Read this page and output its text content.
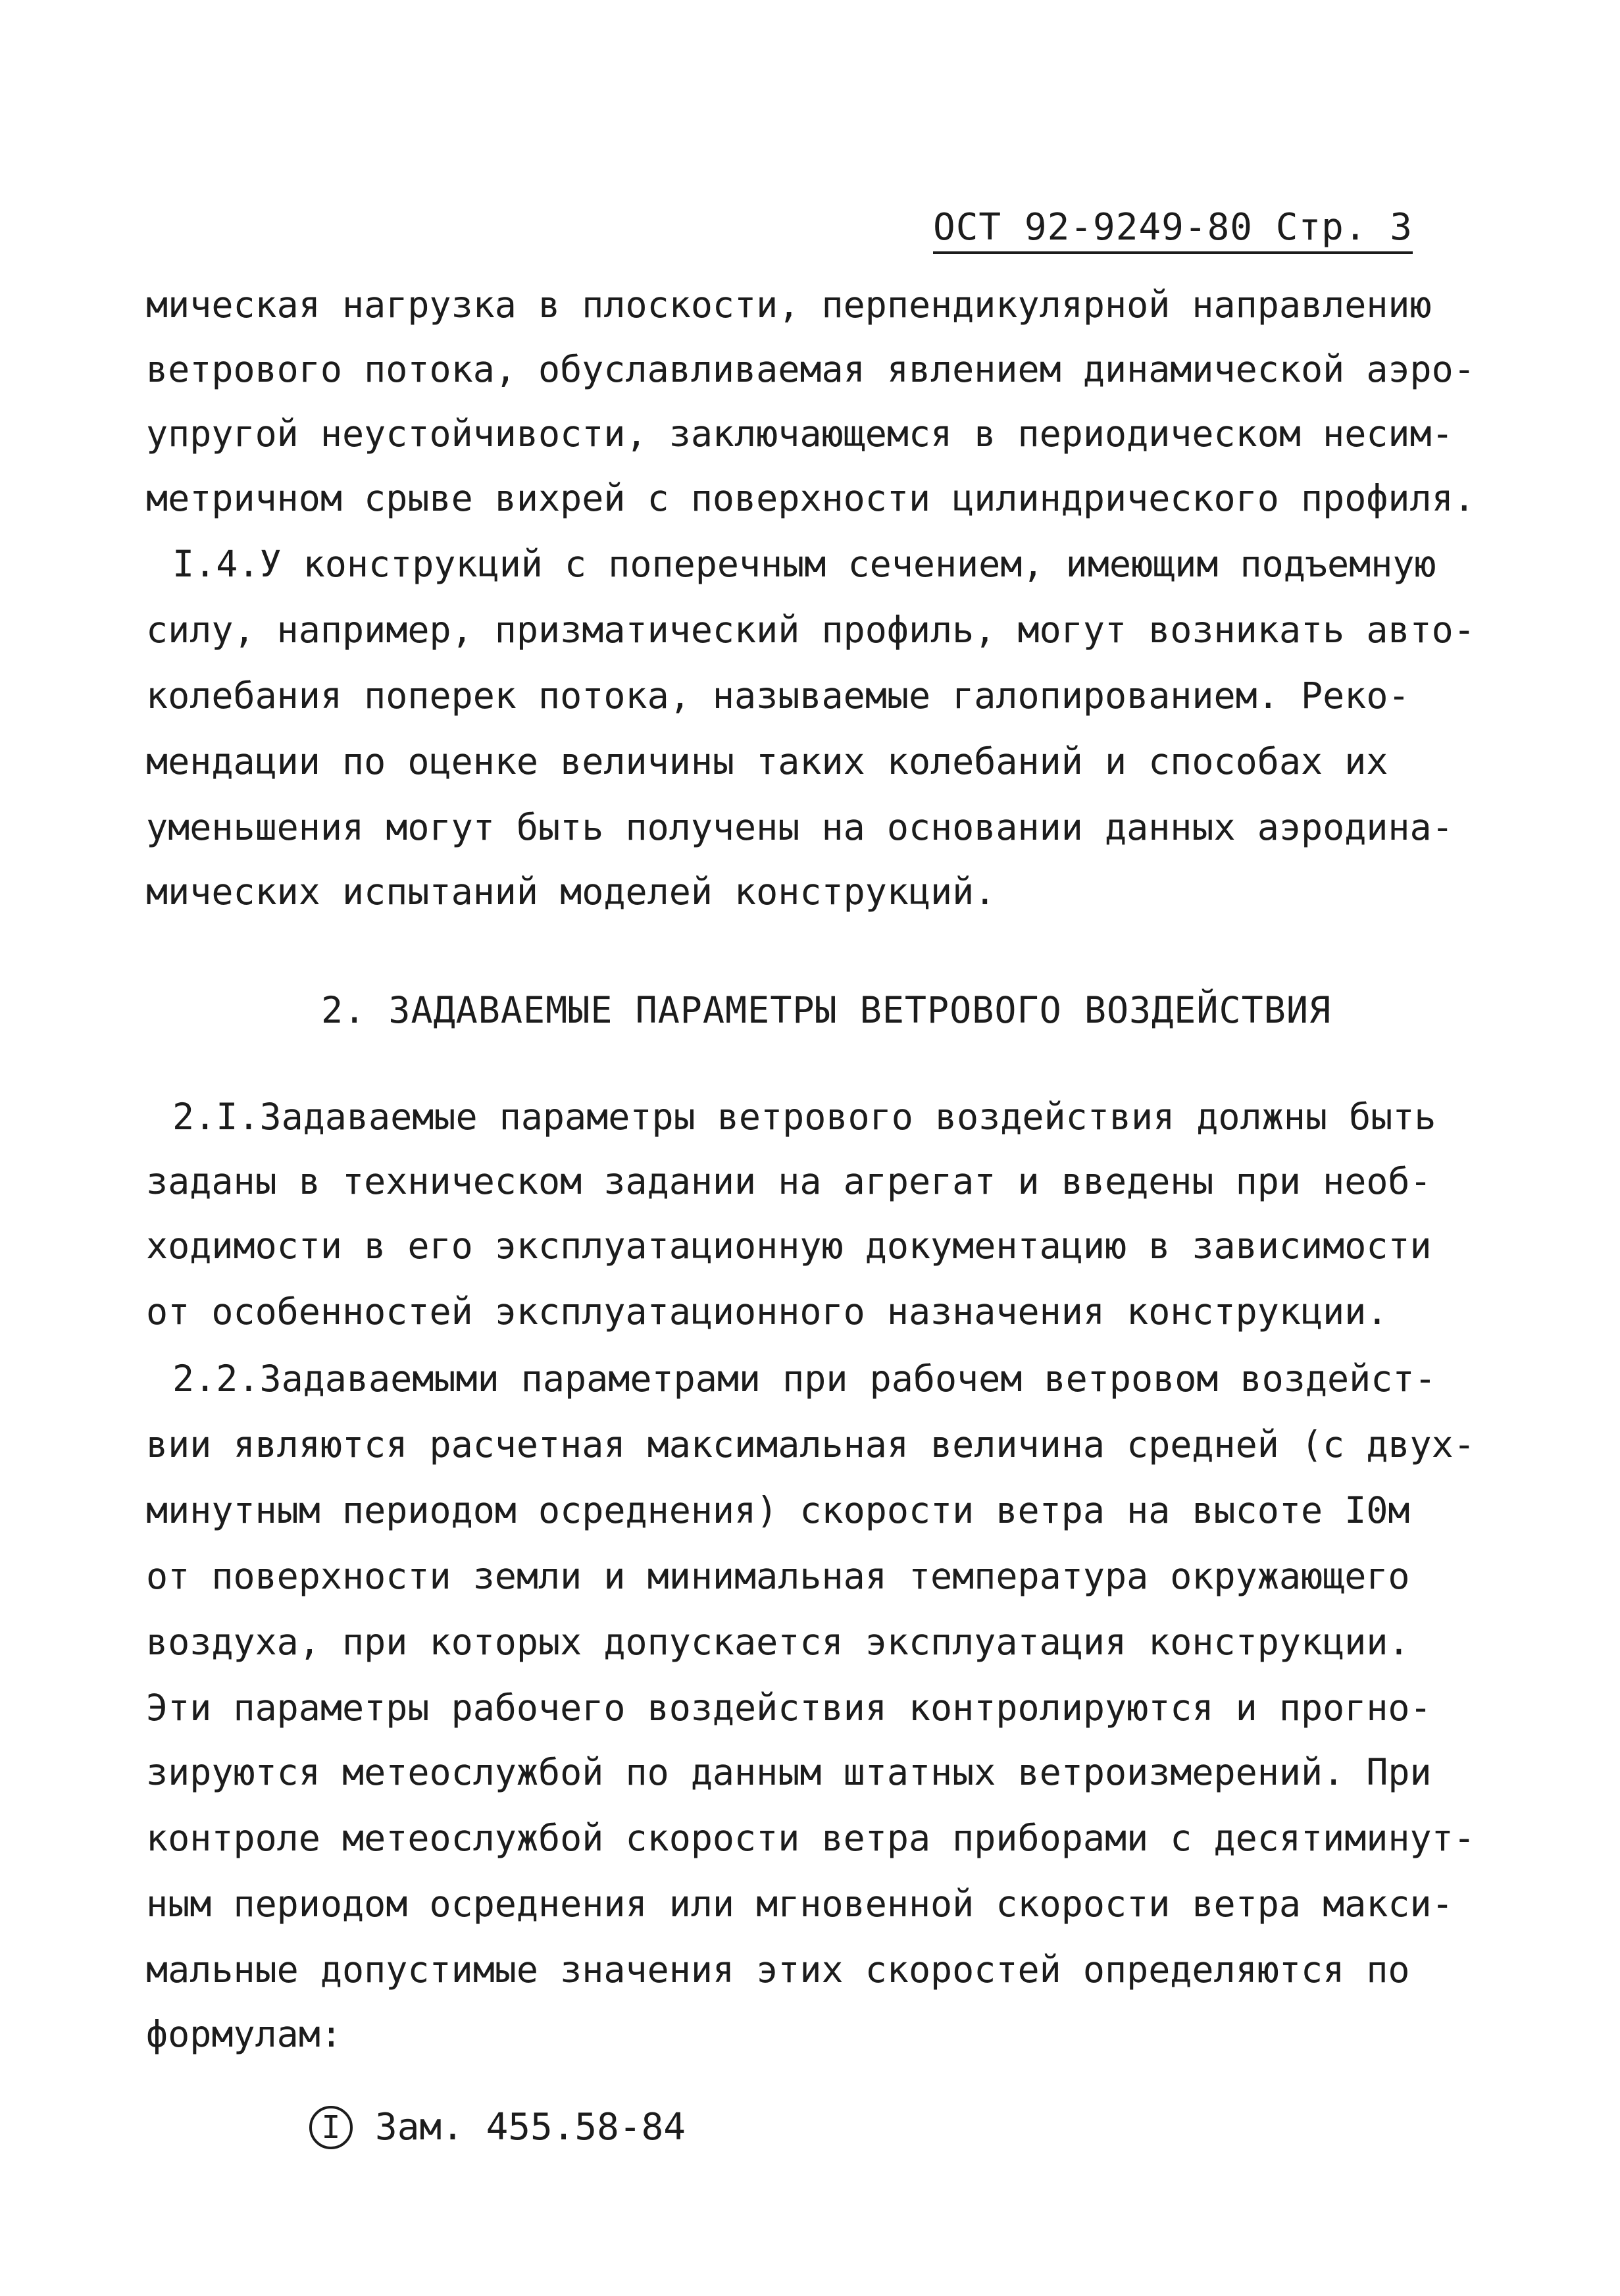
ОСТ 92-9249-80 Стр. 3
мическая нагрузка в плоскости, перпендикулярной направлению
ветрового потока, обуславливаемая явлением динамической аэро-
упругой неустойчивости, заключающемся в периодическом несим-
метричном срыве вихрей с поверхности цилиндрического профиля.
I.4.У конструкций с поперечным сечением, имеющим подъемную
силу, например, призматический профиль, могут возникать авто-
колебания поперек потока, называемые галопированием. Реко-
мендации по оценке величины таких колебаний и способах их
уменьшения могут быть получены на основании данных аэродина-
мических испытаний моделей конструкций.
2. ЗАДАВАЕМЫЕ ПАРАМЕТРЫ ВЕТРОВОГО ВОЗДЕЙСТВИЯ
2.I.Задаваемые параметры ветрового воздействия должны быть
заданы в техническом задании на агрегат и введены при необ-
ходимости в его эксплуатационную документацию в зависимости
от особенностей эксплуатационного назначения конструкции.
2.2.Задаваемыми параметрами при рабочем ветровом воздейст-
вии являются расчетная максимальная величина средней (с двух-
минутным периодом осреднения) скорости ветра на высоте I0м
от поверхности земли и минимальная температура окружающего
воздуха, при которых допускается эксплуатация конструкции.
Эти параметры рабочего воздействия контролируются и прогно-
зируются метеослужбой по данным штатных ветроизмерений. При
контроле метеослужбой скорости ветра приборами с десятиминут-
ным периодом осреднения или мгновенной скорости ветра макси-
мальные допустимые значения этих скоростей определяются по
формулам:
I Зам. 455.58-84
